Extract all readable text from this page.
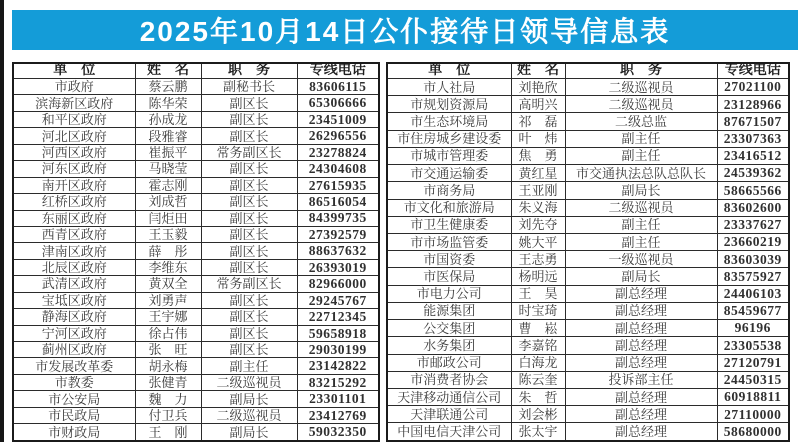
2025年10月14日公仆接待日领导信息表
单　位	姓　名	职　务	专线电话
市政府	蔡云鹏	副秘书长	83606115
滨海新区政府	陈华荣	副区长	65306666
和平区政府	孙成龙	副区长	23451009
河北区政府	段雅睿	副区长	26296556
河西区政府	崔振平	常务副区长	23278824
河东区政府	马晓莹	副区长	24304608
南开区政府	霍志刚	副区长	27615935
红桥区政府	刘成哲	副区长	86516054
东丽区政府	闫炬田	副区长	84399735
西青区政府	王玉毅	副区长	27392579
津南区政府	薛　彤	副区长	88637632
北辰区政府	李维东	副区长	26393019
武清区政府	黄双全	常务副区长	82966000
宝坻区政府	刘勇声	副区长	29245767
静海区政府	王宇娜	副区长	22712345
宁河区政府	徐占伟	副区长	59658918
蓟州区政府	张　旺	副区长	29030199
市发展改革委	胡永梅	副主任	23142822
市教委	张健青	二级巡视员	83215292
市公安局	魏　力	副局长	23301101
市民政局	付卫兵	二级巡视员	23412769
市财政局	王　刚	副局长	59032350
单　位	姓　名	职　务	专线电话
市人社局	刘艳欣	二级巡视员	27021100
市规划资源局	高明兴	二级巡视员	23128966
市生态环境局	祁　磊	二级总监	87671507
市住房城乡建设委	叶　炜	副主任	23307363
市城市管理委	焦　勇	副主任	23416512
市交通运输委	黄红星	市交通执法总队总队长	24539362
市商务局	王亚刚	副局长	58665566
市文化和旅游局	朱义海	二级巡视员	83602600
市卫生健康委	刘先夺	副主任	23337627
市市场监管委	姚大平	副主任	23660219
市国资委	王志勇	一级巡视员	83603039
市医保局	杨明远	副局长	83575927
市电力公司	王　昊	副总经理	24406103
能源集团	时宝琦	副总经理	85459677
公交集团	曹　崧	副总经理	96196
水务集团	李嘉铭	副总经理	23305538
市邮政公司	白海龙	副总经理	27120791
市消费者协会	陈云奎	投诉部主任	24450315
天津移动通信公司	朱　哲	副总经理	60918811
天津联通公司	刘会彬	副总经理	27110000
中国电信天津公司	张太宇	副总经理	58680000
